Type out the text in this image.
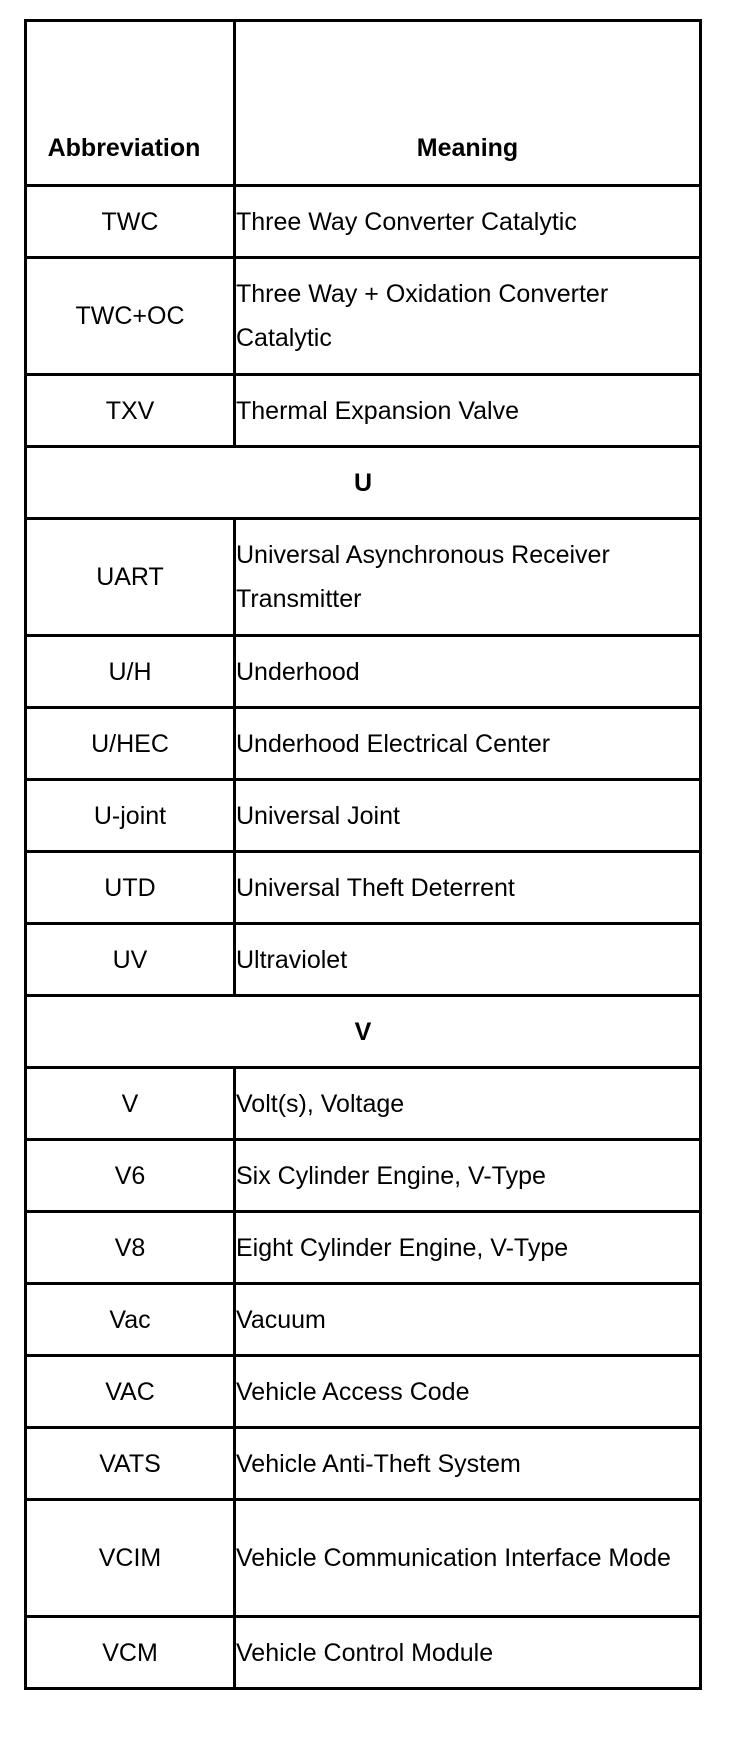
Abbreviation	Meaning
TWC	Three Way Converter Catalytic
TWC+OC	Three Way + Oxidation Converter Catalytic
TXV	Thermal Expansion Valve
U	
UART	Universal Asynchronous Receiver Transmitter
U/H	Underhood
U/HEC	Underhood Electrical Center
U-joint	Universal Joint
UTD	Universal Theft Deterrent
UV	Ultraviolet
V	
V	Volt(s), Voltage
V6	Six Cylinder Engine, V-Type
V8	Eight Cylinder Engine, V-Type
Vac	Vacuum
VAC	Vehicle Access Code
VATS	Vehicle Anti-Theft System
VCIM	Vehicle Communication Interface Mode
VCM	Vehicle Control Module
